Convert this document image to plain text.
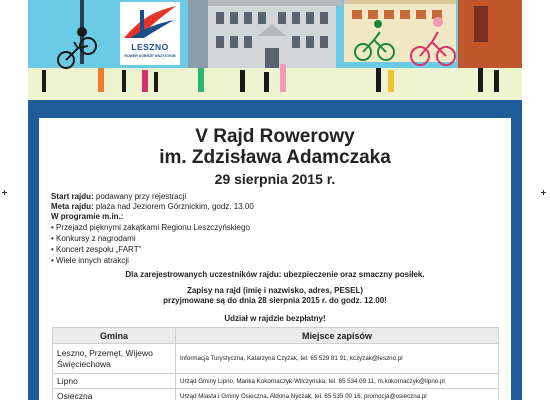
LESZNO
ROWER DOBRZE WSZYSTKIM
V Rajd Rowerowy
im. Zdzisława Adamczaka
29 sierpnia 2015 r.
Start rajdu: podawany przy rejestracji
Meta rajdu: plaża nad Jeziorem Górznickim, godz. 13.00
W programie m.in.:
• Przejazd pięknymi zakątkami Regionu Leszczyńskiego
• Konkursy z nagrodami
• Koncert zespołu „FART”
• Wiele innych atrakcji
Dla zarejestrowanych uczestników rajdu: ubezpieczenie oraz smaczny posiłek.
Zapisy na rajd (imię i nazwisko, adres, PESEL)
przyjmowane są do dnia 28 sierpnia 2015 r. do godz. 12.00!
Udział w rajdzie bezpłatny!
Gmina	Miejsce zapisów
Leszno, Przemęt, Wijewo Święciechowa	Informacja Turystyczna, Katarzyna Czyżak, tel. 65 529 81 91, kczyzak@leszno.pl
Lipno	Urząd Gminy Lipno, Marika Kokornaczyk-Wilczyńska, tel. 65 534 09 11, m.kokornaczyk@lipno.pl
Osieczna	Urząd Miasta i Gminy Osieczna, Aldona Nyczak, tel. 65 535 00 16, promocja@osieczna.pl
